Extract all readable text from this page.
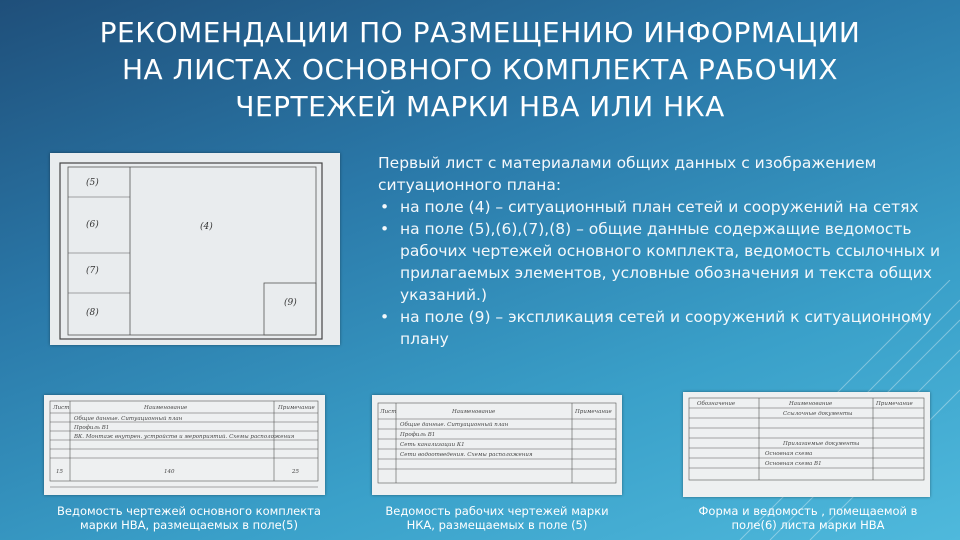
РЕКОМЕНДАЦИИ ПО РАЗМЕЩЕНИЮ ИНФОРМАЦИИ
НА ЛИСТАХ ОСНОВНОГО КОМПЛЕКТА РАБОЧИХ
ЧЕРТЕЖЕЙ МАРКИ НВА ИЛИ НКА
(5)
(6)
(7)
(8)
(4)
(9)

Первый лист с материалами общих данных с изображением ситуационного плана:

• на поле (4) – ситуационный план сетей и сооружений на сетях
• на поле (5),(6),(7),(8) – общие данные содержащие ведомость рабочих чертежей основного комплекта, ведомость ссылочных и прилагаемых элементов, условные обозначения и текста общих указаний.)
• на поле (9) – экспликация сетей и сооружений к ситуационному плану
Лист	Наименование	Примечание
Общие данные. Ситуационный план
Профиль В1
ВК. Монтаж внутрен. устройств и мероприятий. Схемы расположения
15	140	25
Лист	Наименование	Примечание
Общие данные. Ситуационный план
Профиль В1
Сеть канализации К1
Сети водоотведения. Схемы расположения
Обозначение	Наименование	Примечание
Ссылочные документы
Прилагаемые документы
Основная схема
Основная схема В1
Ведомость чертежей основного комплекта марки НВА, размещаемых в поле(5)
Ведомость рабочих чертежей марки НКА, размещаемых в поле (5)
Форма и ведомость , помещаемой в поле(6) листа марки НВА
